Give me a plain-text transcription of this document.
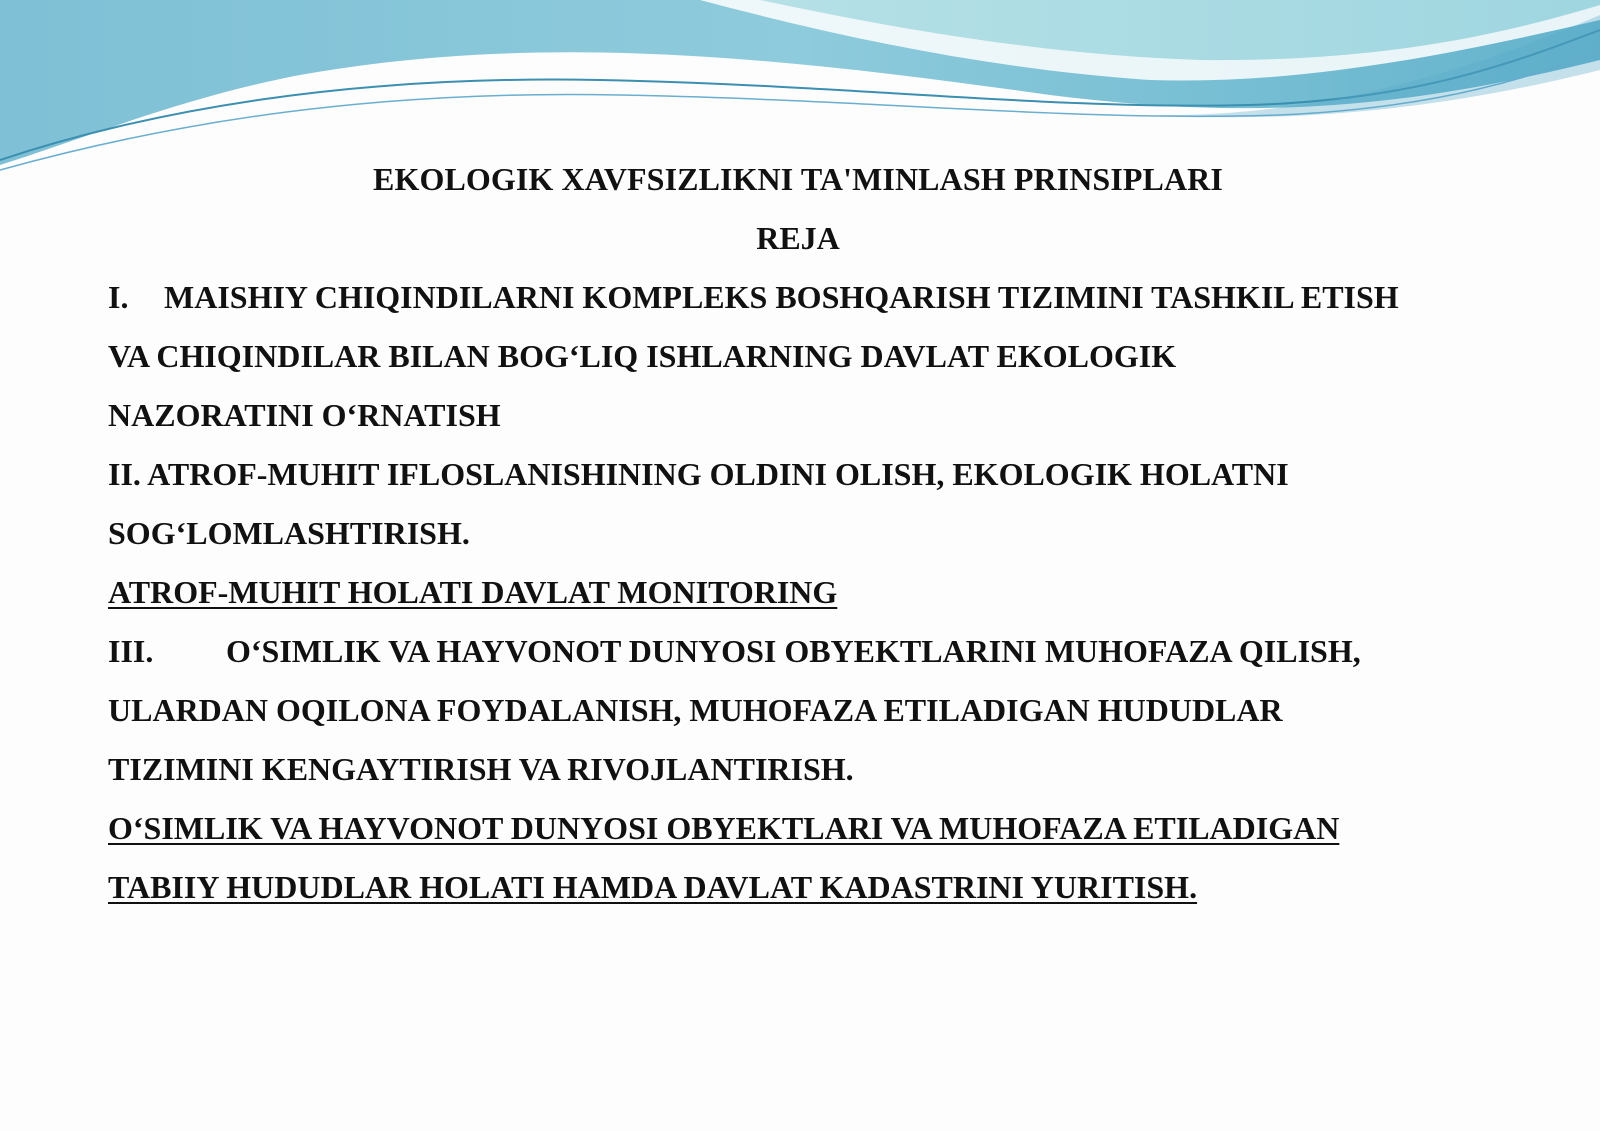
EKOLOGIK XAVFSIZLIKNI TA'MINLASH PRINSIPLARI
REJA
I. MAISHIY CHIQINDILARNI KOMPLEKS BOSHQARISH TIZIMINI TASHKIL ETISH
VA CHIQINDILAR BILAN BOG‘LIQ ISHLARNING DAVLAT EKOLOGIK
NAZORATINI O‘RNATISH
II. ATROF-MUHIT IFLOSLANISHINING OLDINI OLISH, EKOLOGIK HOLATNI
SOG‘LOMLASHTIRISH.
ATROF-MUHIT HOLATI DAVLAT MONITORING
III. O‘SIMLIK VA HAYVONOT DUNYOSI OBYEKTLARINI MUHOFAZA QILISH,
ULARDAN OQILONA FOYDALANISH, MUHOFAZA ETILADIGAN HUDUDLAR
TIZIMINI KENGAYTIRISH VA RIVOJLANTIRISH.
O‘SIMLIK VA HAYVONOT DUNYOSI OBYEKTLARI VA MUHOFAZA ETILADIGAN
TABIIY HUDUDLAR HOLATI HAMDA DAVLAT KADASTRINI YURITISH.
